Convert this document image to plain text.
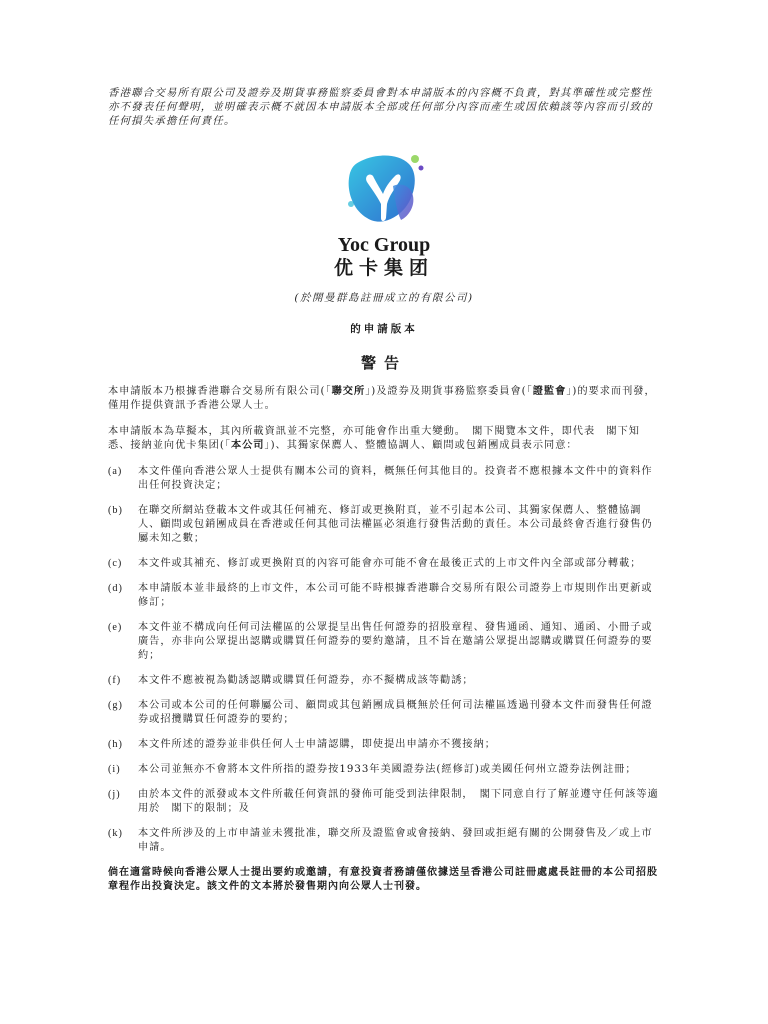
香港聯合交易所有限公司及證券及期貨事務監察委員會對本申請版本的內容概不負責，對其準確性或完整性亦不發表任何聲明，並明確表示概不就因本申請版本全部或任何部分內容而產生或因依賴該等內容而引致的任何損失承擔任何責任。

Yoc Group

优卡集团

(於開曼群島註冊成立的有限公司)

的申請版本

警告

本申請版本乃根據香港聯合交易所有限公司(「聯交所」)及證券及期貨事務監察委員會(「證監會」)的要求而刊發，僅用作提供資訊予香港公眾人士。

本申請版本為草擬本，其內所載資訊並不完整，亦可能會作出重大變動。　閣下閱覽本文件，即代表　閣下知悉、接納並向优卡集团(「本公司」)、其獨家保薦人、整體協調人、顧問或包銷團成員表示同意：

(a)	本文件僅向香港公眾人士提供有關本公司的資料，概無任何其他目的。投資者不應根據本文件中的資料作出任何投資決定；
(b)	在聯交所網站登載本文件或其任何補充、修訂或更換附頁，並不引起本公司、其獨家保薦人、整體協調人、顧問或包銷團成員在香港或任何其他司法權區必須進行發售活動的責任。本公司最終會否進行發售仍屬未知之數；
(c)	本文件或其補充、修訂或更換附頁的內容可能會亦可能不會在最後正式的上市文件內全部或部分轉載；
(d)	本申請版本並非最終的上市文件，本公司可能不時根據香港聯合交易所有限公司證券上市規則作出更新或修訂；
(e)	本文件並不構成向任何司法權區的公眾提呈出售任何證券的招股章程、發售通函、通知、通函、小冊子或廣告，亦非向公眾提出認購或購買任何證券的要約邀請，且不旨在邀請公眾提出認購或購買任何證券的要約；
(f)	本文件不應被視為勸誘認購或購買任何證券，亦不擬構成該等勸誘；
(g)	本公司或本公司的任何聯屬公司、顧問或其包銷團成員概無於任何司法權區透過刊發本文件而發售任何證券或招攬購買任何證券的要約；
(h)	本文件所述的證券並非供任何人士申請認購，即使提出申請亦不獲接納；
(i)	本公司並無亦不會將本文件所指的證券按1933年美國證券法(經修訂)或美國任何州立證券法例註冊；
(j)	由於本文件的派發或本文件所載任何資訊的發佈可能受到法律限制，　閣下同意自行了解並遵守任何該等適用於　閣下的限制；及
(k)	本文件所涉及的上市申請並未獲批准，聯交所及證監會或會接納、發回或拒絕有關的公開發售及／或上市申請。

倘在適當時候向香港公眾人士提出要約或邀請，有意投資者務請僅依據送呈香港公司註冊處處長註冊的本公司招股章程作出投資決定。該文件的文本將於發售期內向公眾人士刊發。
